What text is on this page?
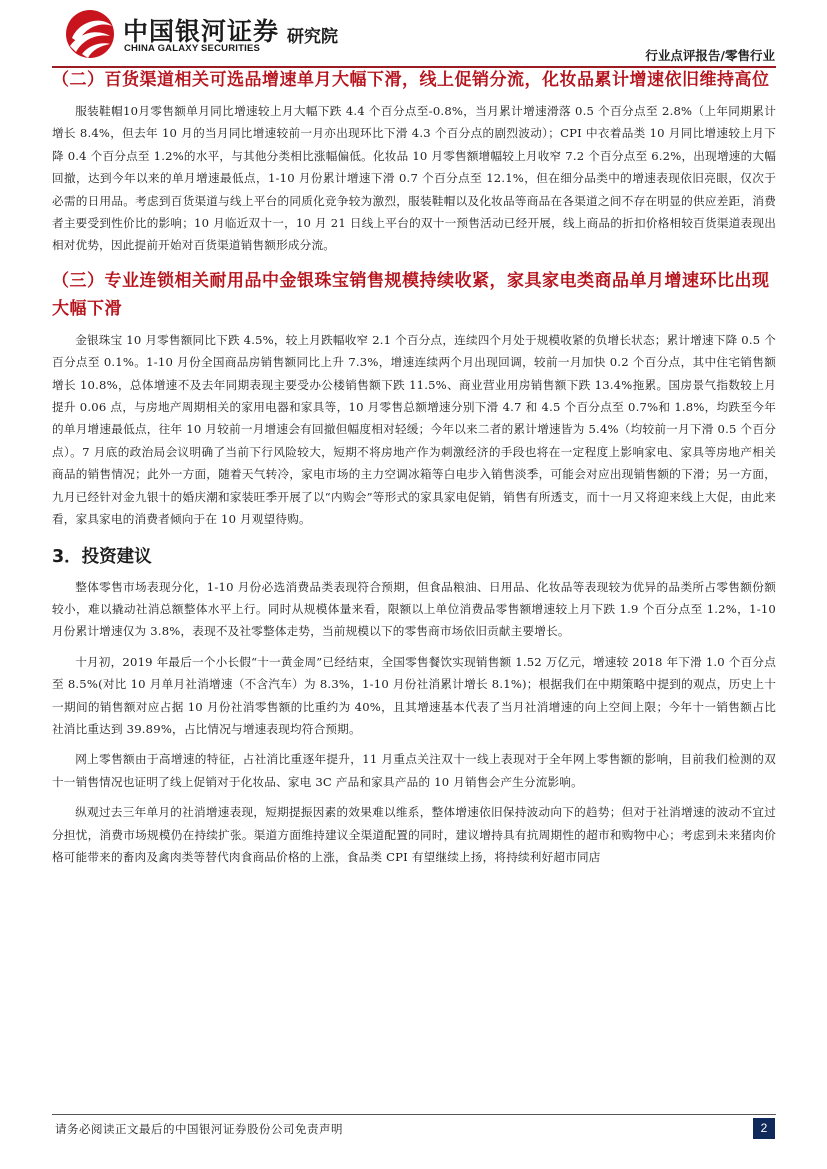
中国银河证券
CHINA GALAXY SECURITIES
研究院
行业点评报告/零售行业
（二）百货渠道相关可选品增速单月大幅下滑，线上促销分流，化妆品累计增速依旧维持高位

服装鞋帽10月零售额单月同比增速较上月大幅下跌 4.4 个百分点至-0.8%，当月累计增速滑落 0.5 个百分点至 2.8%（上年同期累计增长 8.4%，但去年 10 月的当月同比增速较前一月亦出现环比下滑 4.3 个百分点的剧烈波动）；CPI 中衣着品类 10 月同比增速较上月下降 0.4 个百分点至 1.2%的水平，与其他分类相比涨幅偏低。化妆品 10 月零售额增幅较上月收窄 7.2 个百分点至 6.2%，出现增速的大幅回撤，达到今年以来的单月增速最低点，1-10 月份累计增速下滑 0.7 个百分点至 12.1%，但在细分品类中的增速表现依旧亮眼，仅次于必需的日用品。考虑到百货渠道与线上平台的同质化竞争较为激烈，服装鞋帽以及化妆品等商品在各渠道之间不存在明显的供应差距，消费者主要受到性价比的影响；10 月临近双十一，10 月 21 日线上平台的双十一预售活动已经开展，线上商品的折扣价格相较百货渠道表现出相对优势，因此提前开始对百货渠道销售额形成分流。

（三）专业连锁相关耐用品中金银珠宝销售规模持续收紧，家具家电类商品单月增速环比出现大幅下滑

金银珠宝 10 月零售额同比下跌 4.5%，较上月跌幅收窄 2.1 个百分点，连续四个月处于规模收紧的负增长状态；累计增速下降 0.5 个百分点至 0.1%。1-10 月份全国商品房销售额同比上升 7.3%，增速连续两个月出现回调，较前一月加快 0.2 个百分点，其中住宅销售额增长 10.8%，总体增速不及去年同期表现主要受办公楼销售额下跌 11.5%、商业营业用房销售额下跌 13.4%拖累。国房景气指数较上月提升 0.06 点，与房地产周期相关的家用电器和家具等，10 月零售总额增速分别下滑 4.7 和 4.5 个百分点至 0.7%和 1.8%，均跌至今年的单月增速最低点，往年 10 月较前一月增速会有回撤但幅度相对轻缓；今年以来二者的累计增速皆为 5.4%（均较前一月下滑 0.5 个百分点）。7 月底的政治局会议明确了当前下行风险较大，短期不将房地产作为刺激经济的手段也将在一定程度上影响家电、家具等房地产相关商品的销售情况；此外一方面，随着天气转冷，家电市场的主力空调冰箱等白电步入销售淡季，可能会对应出现销售额的下滑；另一方面，九月已经针对金九银十的婚庆潮和家装旺季开展了以“内购会”等形式的家具家电促销，销售有所透支，而十一月又将迎来线上大促，由此来看，家具家电的消费者倾向于在 10 月观望待购。

3．投资建议

整体零售市场表现分化，1-10 月份必选消费品类表现符合预期，但食品粮油、日用品、化妆品等表现较为优异的品类所占零售额份额较小，难以撬动社消总额整体水平上行。同时从规模体量来看，限额以上单位消费品零售额增速较上月下跌 1.9 个百分点至 1.2%，1-10 月份累计增速仅为 3.8%，表现不及社零整体走势，当前规模以下的零售商市场依旧贡献主要增长。

十月初，2019 年最后一个小长假“十一黄金周”已经结束，全国零售餐饮实现销售额 1.52 万亿元，增速较 2018 年下滑 1.0 个百分点至 8.5%(对比 10 月单月社消增速（不含汽车）为 8.3%，1-10 月份社消累计增长 8.1%)；根据我们在中期策略中提到的观点，历史上十一期间的销售额对应占据 10 月份社消零售额的比重约为 40%，且其增速基本代表了当月社消增速的向上空间上限；今年十一销售额占比社消比重达到 39.89%，占比情况与增速表现均符合预期。

网上零售额由于高增速的特征，占社消比重逐年提升，11 月重点关注双十一线上表现对于全年网上零售额的影响，目前我们检测的双十一销售情况也证明了线上促销对于化妆品、家电 3C 产品和家具产品的 10 月销售会产生分流影响。

纵观过去三年单月的社消增速表现，短期提振因素的效果难以维系，整体增速依旧保持波动向下的趋势；但对于社消增速的波动不宜过分担忧，消费市场规模仍在持续扩张。渠道方面维持建议全渠道配置的同时，建议增持具有抗周期性的超市和购物中心；考虑到未来猪肉价格可能带来的畜肉及禽肉类等替代肉食商品价格的上涨，食品类 CPI 有望继续上扬，将持续利好超市同店

请务必阅读正文最后的中国银河证券股份公司免责声明	2
